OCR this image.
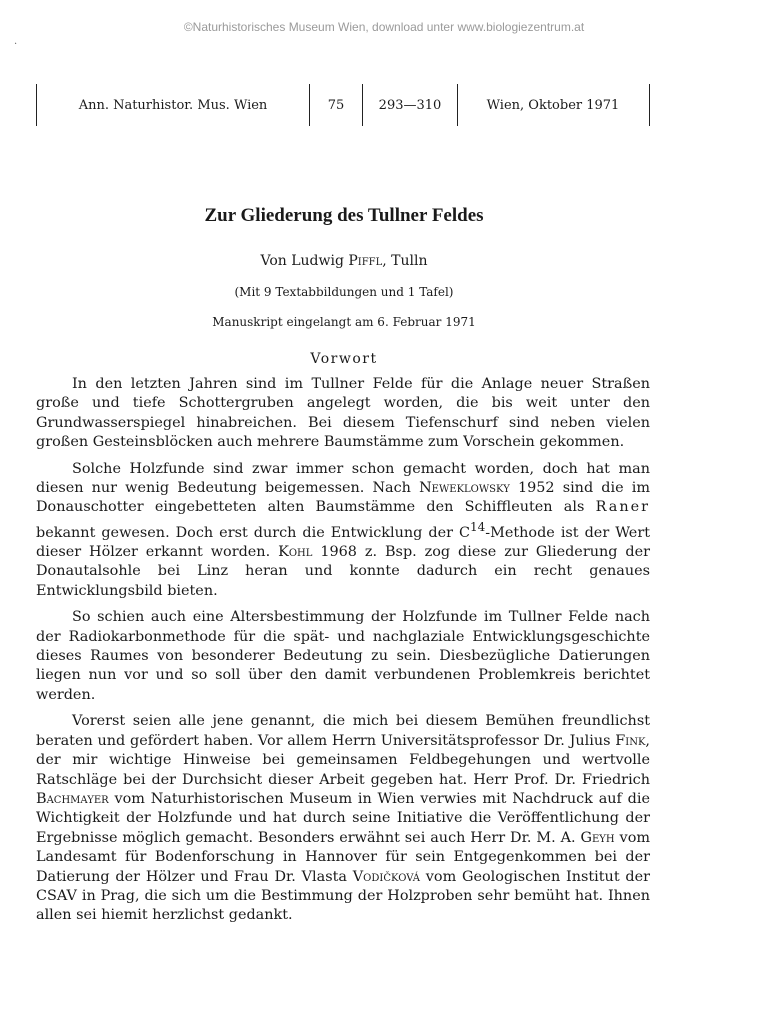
©Naturhistorisches Museum Wien, download unter www.biologiezentrum.at
.
Ann. Naturhistor. Mus. Wien	75	293—310	Wien, Oktober 1971
Zur Gliederung des Tullner Feldes
Von Ludwig Piffl, Tulln
(Mit 9 Textabbildungen und 1 Tafel)
Manuskript eingelangt am 6. Februar 1971
Vorwort

In den letzten Jahren sind im Tullner Felde für die Anlage neuer Straßen große und tiefe Schottergruben angelegt worden, die bis weit unter den Grundwasserspiegel hinabreichen. Bei diesem Tiefenschurf sind neben vielen großen Gesteinsblöcken auch mehrere Baumstämme zum Vorschein gekommen.

Solche Holzfunde sind zwar immer schon gemacht worden, doch hat man diesen nur wenig Bedeutung beigemessen. Nach Neweklowsky 1952 sind die im Donauschotter eingebetteten alten Baumstämme den Schiffleuten als Raner bekannt gewesen. Doch erst durch die Entwicklung der $C^{14}$-Methode ist der Wert dieser Hölzer erkannt worden. Kohl 1968 z. Bsp. zog diese zur Gliederung der Donautalsohle bei Linz heran und konnte dadurch ein recht genaues Entwicklungsbild bieten.

So schien auch eine Altersbestimmung der Holzfunde im Tullner Felde nach der Radiokarbonmethode für die spät- und nachglaziale Entwicklungsgeschichte dieses Raumes von besonderer Bedeutung zu sein. Diesbezügliche Datierungen liegen nun vor und so soll über den damit verbundenen Problemkreis berichtet werden.

Vorerst seien alle jene genannt, die mich bei diesem Bemühen freundlichst beraten und gefördert haben. Vor allem Herrn Universitätsprofessor Dr. Julius Fink, der mir wichtige Hinweise bei gemeinsamen Feldbegehungen und wertvolle Ratschläge bei der Durchsicht dieser Arbeit gegeben hat. Herr Prof. Dr. Friedrich Bachmayer vom Naturhistorischen Museum in Wien verwies mit Nachdruck auf die Wichtigkeit der Holzfunde und hat durch seine Initiative die Veröffentlichung der Ergebnisse möglich gemacht. Besonders erwähnt sei auch Herr Dr. M. A. Geyh vom Landesamt für Bodenforschung in Hannover für sein Entgegenkommen bei der Datierung der Hölzer und Frau Dr. Vlasta Vodičková vom Geologischen Institut der CSAV in Prag, die sich um die Bestimmung der Holzproben sehr bemüht hat. Ihnen allen sei hiemit herzlichst gedankt.
